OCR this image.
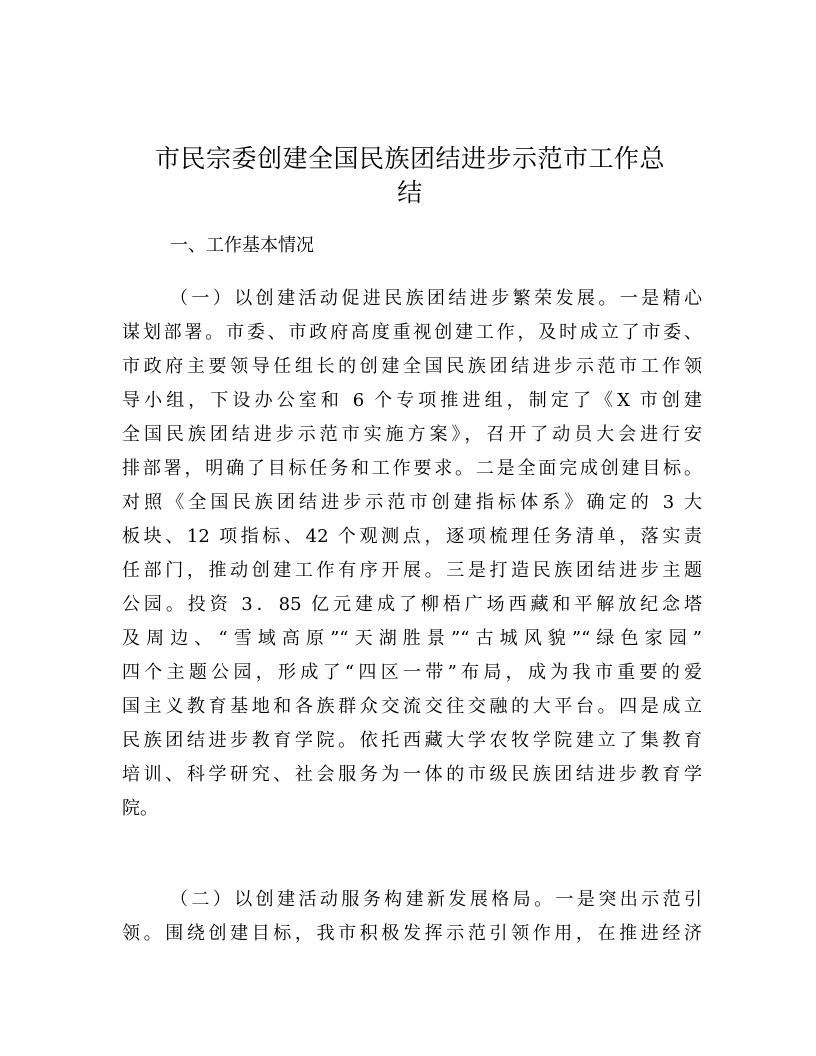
市民宗委创建全国民族团结进步示范市工作总
结

一、工作基本情况

（一）以创建活动促进民族团结进步繁荣发展。一是精心
谋划部署。市委、市政府高度重视创建工作，及时成立了市委、
市政府主要领导任组长的创建全国民族团结进步示范市工作领
导小组，下设办公室和 6 个专项推进组，制定了《X 市创建
全国民族团结进步示范市实施方案》，召开了动员大会进行安
排部署，明确了目标任务和工作要求。二是全面完成创建目标。
对照《全国民族团结进步示范市创建指标体系》确定的 3 大
板块、12 项指标、42 个观测点，逐项梳理任务清单，落实责
任部门，推动创建工作有序开展。三是打造民族团结进步主题
公园。投资 3．85 亿元建成了柳梧广场西藏和平解放纪念塔
及周边、“雪域高原”“天湖胜景”“古城风貌”“绿色家园”
四个主题公园，形成了“四区一带”布局，成为我市重要的爱
国主义教育基地和各族群众交流交往交融的大平台。四是成立
民族团结进步教育学院。依托西藏大学农牧学院建立了集教育
培训、科学研究、社会服务为一体的市级民族团结进步教育学
院。
（二）以创建活动服务构建新发展格局。一是突出示范引
领。围绕创建目标，我市积极发挥示范引领作用，在推进经济
